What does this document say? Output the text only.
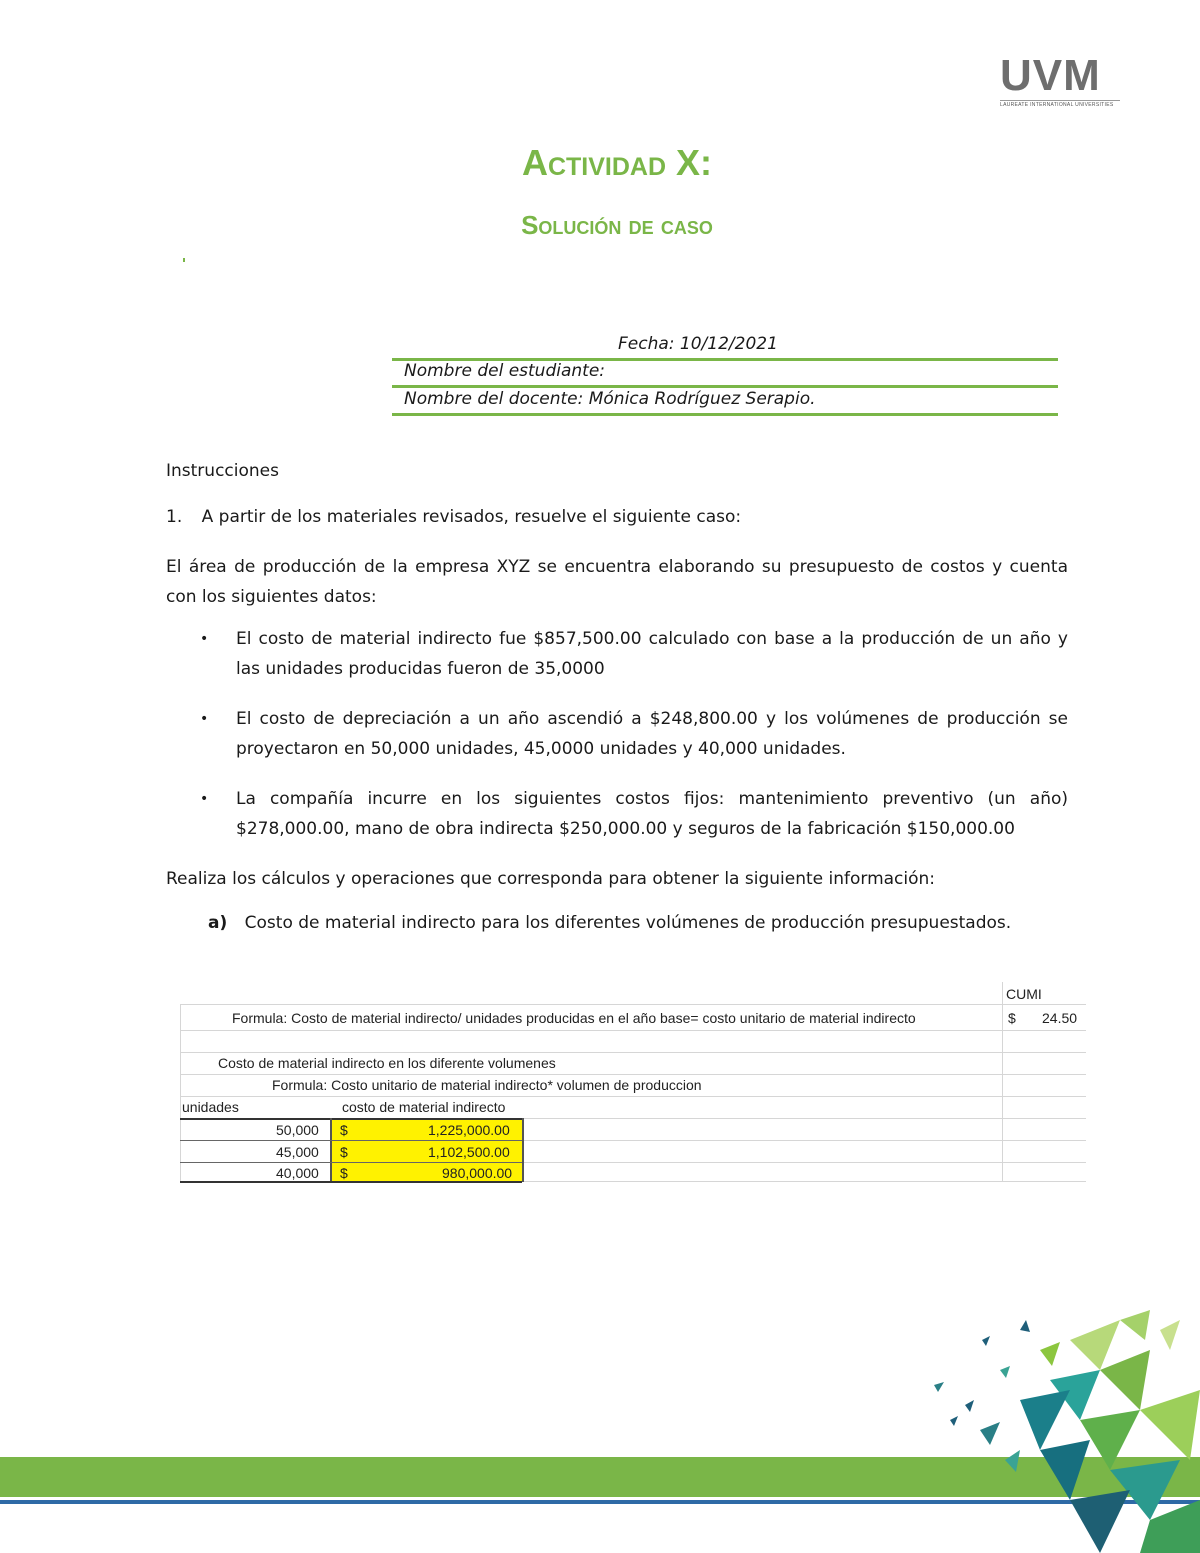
UVM
LAUREATE INTERNATIONAL UNIVERSITIES
Actividad X:
Solución de caso
Fecha: 10/12/2021
Nombre del estudiante:
Nombre del docente: Mónica Rodríguez Serapio.
Instrucciones
1. A partir de los materiales revisados, resuelve el siguiente caso:
El área de producción de la empresa XYZ se encuentra elaborando su presupuesto de costos y cuenta con los siguientes datos:
• El costo de material indirecto fue $857,500.00 calculado con base a la producción de un año y las unidades producidas fueron de 35,0000
• El costo de depreciación a un año ascendió a $248,800.00 y los volúmenes de producción se proyectaron en 50,000 unidades, 45,0000 unidades y 40,000 unidades.
• La compañía incurre en los siguientes costos fijos: mantenimiento preventivo (un año) $278,000.00, mano de obra indirecta $250,000.00 y seguros de la fabricación $150,000.00
Realiza los cálculos y operaciones que corresponda para obtener la siguiente información:
a) Costo de material indirecto para los diferentes volúmenes de producción presupuestados.
CUMI
Formula: Costo de material indirecto/ unidades producidas en el año base= costo unitario de material indirecto	$ 24.50
Costo de material indirecto en los diferente volumenes
Formula: Costo unitario de material indirecto* volumen de produccion
unidades	costo de material indirecto
50,000 $	1,225,000.00
45,000 $	1,102,500.00
40,000 $	980,000.00
